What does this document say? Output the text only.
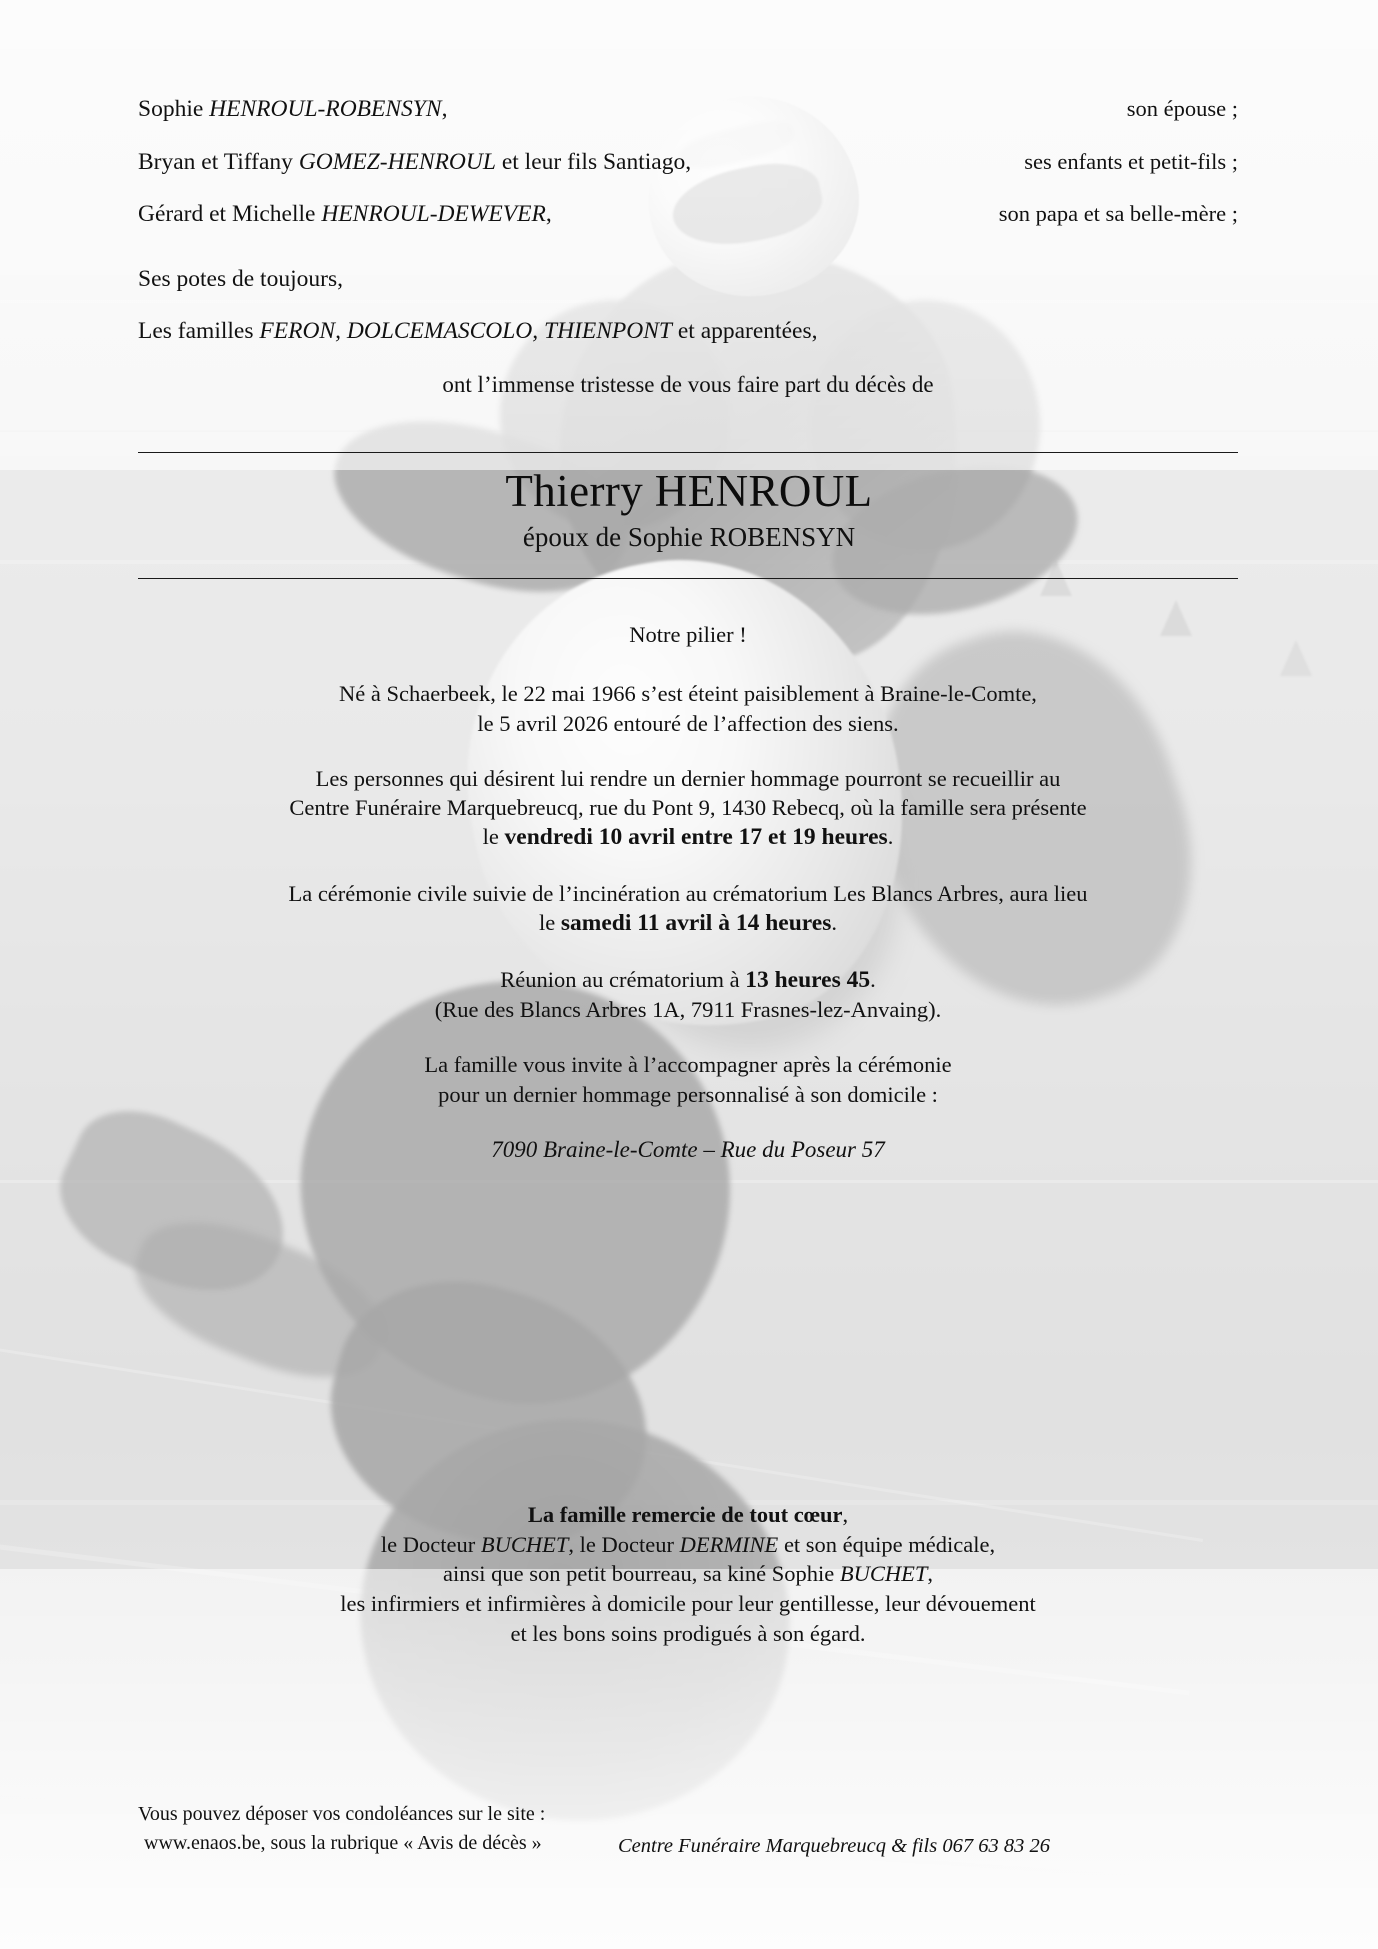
Sophie HENROUL-ROBENSYN,	son épouse ;
Bryan et Tiffany GOMEZ-HENROUL et leur fils Santiago,	ses enfants et petit-fils ;
Gérard et Michelle HENROUL-DEWEVER,	son papa et sa belle-mère ;
Ses potes de toujours,
Les familles FERON, DOLCEMASCOLO, THIENPONT et apparentées,
ont l’immense tristesse de vous faire part du décès de
Thierry HENROUL
époux de Sophie ROBENSYN

Notre pilier !

Né à Schaerbeek, le 22 mai 1966 s’est éteint paisiblement à Braine-le-Comte,
le 5 avril 2026 entouré de l’affection des siens.

Les personnes qui désirent lui rendre un dernier hommage pourront se recueillir au
Centre Funéraire Marquebreucq, rue du Pont 9, 1430 Rebecq, où la famille sera présente
le vendredi 10 avril entre 17 et 19 heures.

La cérémonie civile suivie de l’incinération au crématorium Les Blancs Arbres, aura lieu
le samedi 11 avril à 14 heures.

Réunion au crématorium à 13 heures 45.
(Rue des Blancs Arbres 1A, 7911 Frasnes-lez-Anvaing).

La famille vous invite à l’accompagner après la cérémonie
pour un dernier hommage personnalisé à son domicile :

7090 Braine-le-Comte – Rue du Poseur 57

La famille remercie de tout cœur,

le Docteur BUCHET, le Docteur DERMINE et son équipe médicale,

ainsi que son petit bourreau, sa kiné Sophie BUCHET,

les infirmiers et infirmières à domicile pour leur gentillesse, leur dévouement

et les bons soins prodigués à son égard.

Vous pouvez déposer vos condoléances sur le site :
www.enaos.be, sous la rubrique « Avis de décès »	Centre Funéraire Marquebreucq & fils 067 63 83 26
